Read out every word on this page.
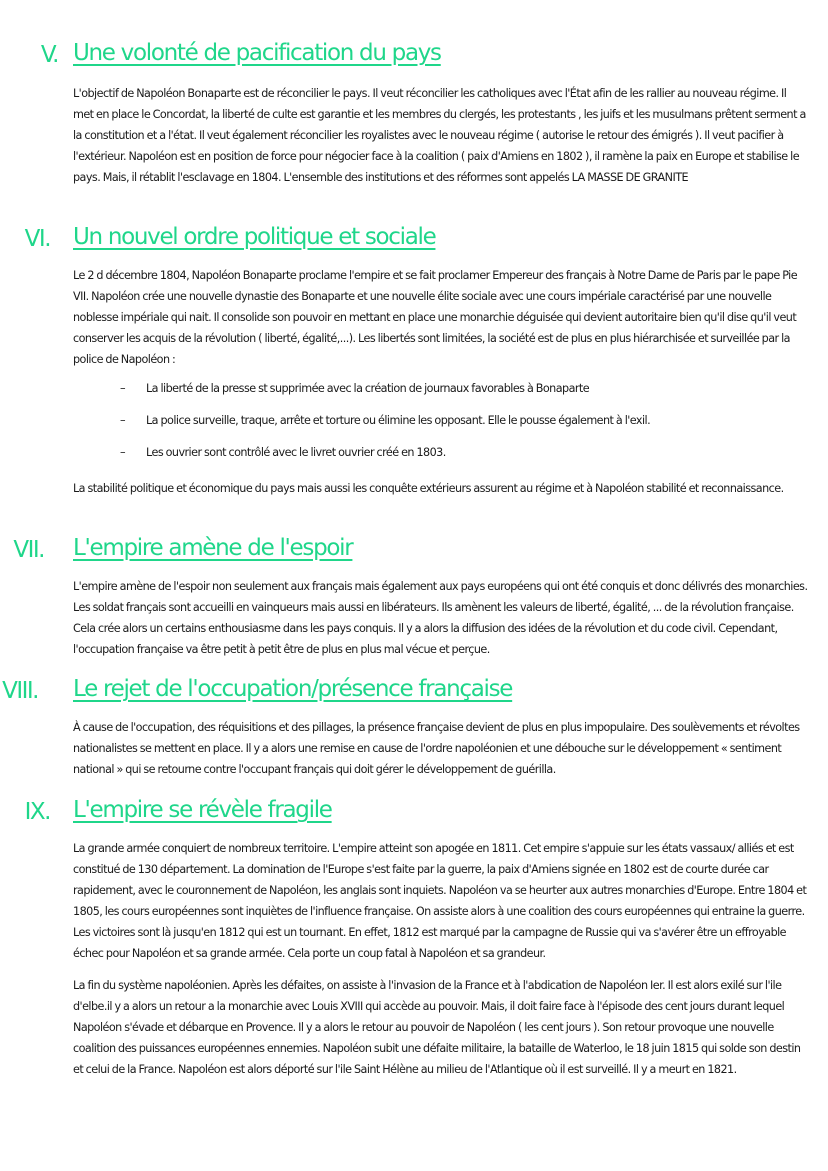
V. Une volonté de pacification du pays

L'objectif de Napoléon Bonaparte est de réconcilier le pays. Il veut réconcilier les catholiques avec l'État afin de les rallier au nouveau régime. Il met en place le Concordat, la liberté de culte est garantie et les membres du clergés, les protestants , les juifs et les musulmans prêtent serment a la constitution et a l'état. Il veut également réconcilier les royalistes avec le nouveau régime ( autorise le retour des émigrés ). Il veut pacifier à l'extérieur. Napoléon est en position de force pour négocier face à la coalition ( paix d'Amiens en 1802 ), il ramène la paix en Europe et stabilise le pays. Mais, il rétablit l'esclavage en 1804. L'ensemble des institutions et des réformes sont appelés LA MASSE DE GRANITE

VI. Un nouvel ordre politique et sociale

Le 2 d décembre 1804, Napoléon Bonaparte proclame l'empire et se fait proclamer Empereur des français à Notre Dame de Paris par le pape Pie VII. Napoléon crée une nouvelle dynastie des Bonaparte et une nouvelle élite sociale avec une cours impériale caractérisé par une nouvelle noblesse impériale qui nait. Il consolide son pouvoir en mettant en place une monarchie déguisée qui devient autoritaire bien qu'il dise qu'il veut conserver les acquis de la révolution ( liberté, égalité,...). Les libertés sont limitées, la société est de plus en plus hiérarchisée et surveillée par la police de Napoléon :

–	La liberté de la presse st supprimée avec la création de journaux favorables à Bonaparte
–	La police surveille, traque, arrête et torture ou élimine les opposant. Elle le pousse également à l'exil.
–	Les ouvrier sont contrôlé avec le livret ouvrier créé en 1803.

La stabilité politique et économique du pays mais aussi les conquête extérieurs assurent au régime et à Napoléon stabilité et reconnaissance.

VII. L'empire amène de l'espoir

L'empire amène de l'espoir non seulement aux français mais également aux pays européens qui ont été conquis et donc délivrés des monarchies. Les soldat français sont accueilli en vainqueurs mais aussi en libérateurs. Ils amènent les valeurs de liberté, égalité, ... de la révolution française. Cela crée alors un certains enthousiasme dans les pays conquis. Il y a alors la diffusion des idées de la révolution et du code civil. Cependant, l'occupation française va être petit à petit être de plus en plus mal vécue et perçue.

VIII. Le rejet de l'occupation/présence française

À cause de l'occupation, des réquisitions et des pillages, la présence française devient de plus en plus impopulaire. Des soulèvements et révoltes nationalistes se mettent en place. Il y a alors une remise en cause de l'ordre napoléonien et une débouche sur le développement « sentiment national » qui se retourne contre l'occupant français qui doit gérer le développement de guérilla.

IX. L'empire se révèle fragile

La grande armée conquiert de nombreux territoire. L'empire atteint son apogée en 1811. Cet empire s'appuie sur les états vassaux/ alliés et est constitué de 130 département. La domination de l'Europe s'est faite par la guerre, la paix d'Amiens signée en 1802 est de courte durée car rapidement, avec le couronnement de Napoléon, les anglais sont inquiets. Napoléon va se heurter aux autres monarchies d'Europe. Entre 1804 et 1805, les cours européennes sont inquiètes de l'influence française. On assiste alors à une coalition des cours européennes qui entraine la guerre. Les victoires sont là jusqu'en 1812 qui est un tournant. En effet, 1812 est marqué par la campagne de Russie qui va s'avérer être un effroyable échec pour Napoléon et sa grande armée. Cela porte un coup fatal à Napoléon et sa grandeur.

La fin du système napoléonien. Après les défaites, on assiste à l'invasion de la France et à l'abdication de Napoléon Ier. Il est alors exilé sur l'ile d'elbe.il y a alors un retour a la monarchie avec Louis XVIII qui accède au pouvoir. Mais, il doit faire face à l'épisode des cent jours durant lequel Napoléon s'évade et débarque en Provence. Il y a alors le retour au pouvoir de Napoléon ( les cent jours ). Son retour provoque une nouvelle coalition des puissances européennes ennemies. Napoléon subit une défaite militaire, la bataille de Waterloo, le 18 juin 1815 qui solde son destin et celui de la France. Napoléon est alors déporté sur l'ile Saint Hélène au milieu de l'Atlantique où il est surveillé. Il y a meurt en 1821.
